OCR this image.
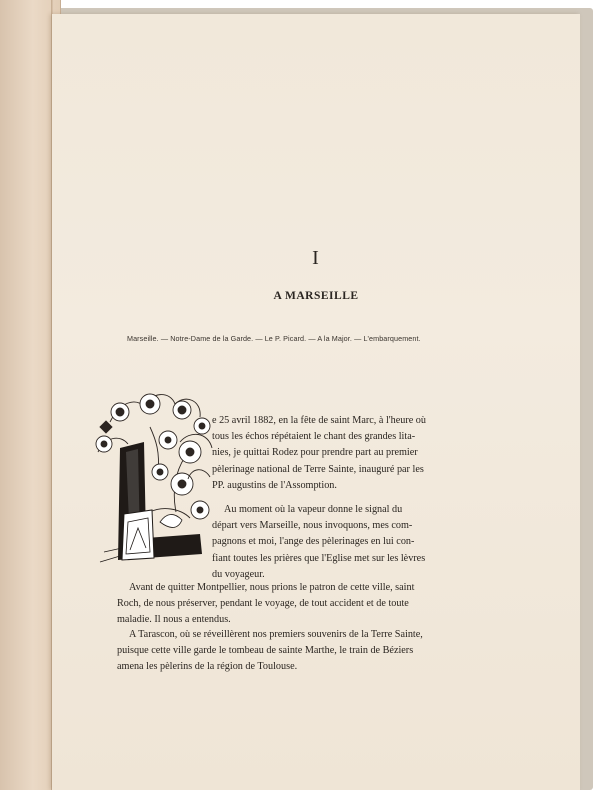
I
A MARSEILLE
Marseille. — Notre-Dame de la Garde. — Le P. Picard. — A la Major. — L'embarquement.
e 25 avril 1882, en la fête de saint Marc, à l'heure où
tous les échos répétaient le chant des grandes lita-
nies, je quittai Rodez pour prendre part au premier
pèlerinage national de Terre Sainte, inauguré par les
PP. augustins de l'Assomption.
Au moment où la vapeur donne le signal du
départ vers Marseille, nous invoquons, mes com-
pagnons et moi, l'ange des pèlerinages en lui con-
fiant toutes les prières que l'Eglise met sur les lèvres
du voyageur.
Avant de quitter Montpellier, nous prions le patron de cette ville, saint
Roch, de nous préserver, pendant le voyage, de tout accident et de toute
maladie. Il nous a entendus.
A Tarascon, où se réveillèrent nos premiers souvenirs de la Terre Sainte,
puisque cette ville garde le tombeau de sainte Marthe, le train de Béziers
amena les pèlerins de la région de Toulouse.
